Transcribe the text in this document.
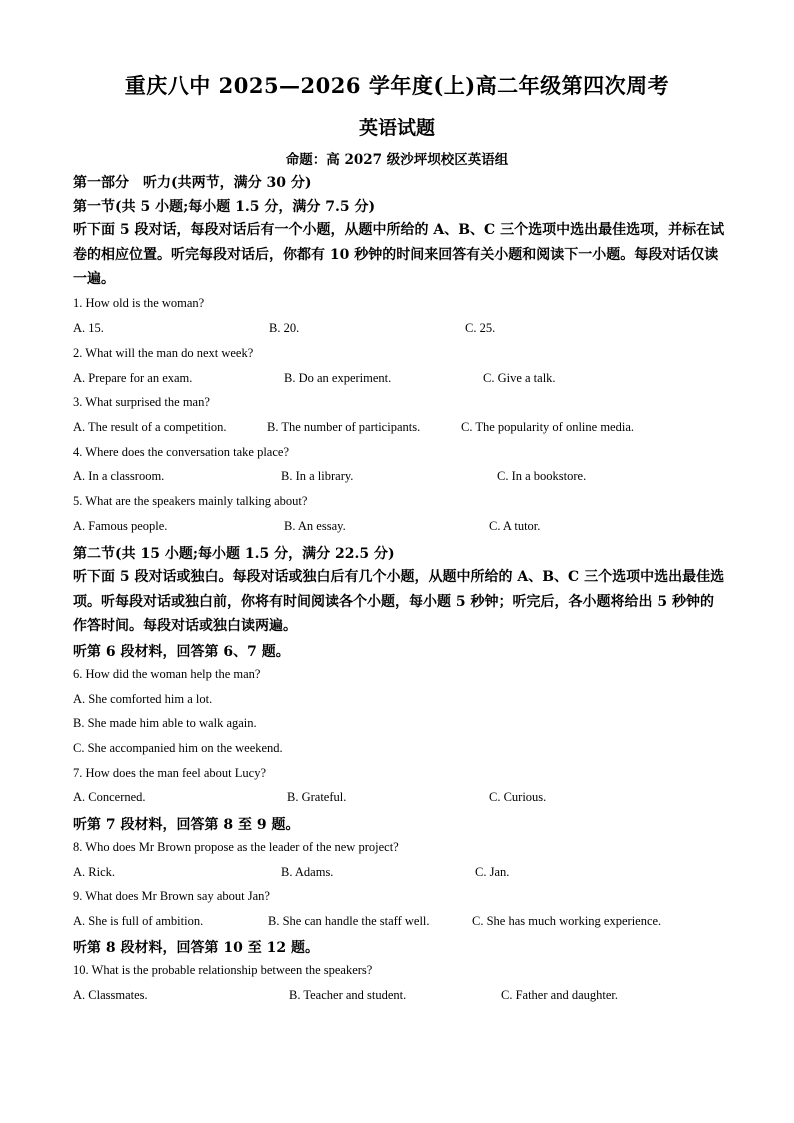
重庆八中 2025—2026 学年度(上)高二年级第四次周考
英语试题
命题：高 2027 级沙坪坝校区英语组
第一部分　听力(共两节，满分 30 分)
第一节(共 5 小题;每小题 1.5 分，满分 7.5 分)
听下面 5 段对话，每段对话后有一个小题，从题中所给的 A、B、C 三个选项中选出最佳选项，并标在试卷的相应位置。听完每段对话后，你都有 10 秒钟的时间来回答有关小题和阅读下一小题。每段对话仅读一遍。
1. How old is the woman?
A. 15.	B. 20.	C. 25.
2. What will the man do next week?
A. Prepare for an exam.	B. Do an experiment.	C. Give a talk.
3. What surprised the man?
A. The result of a competition.	B. The number of participants.	C. The popularity of online media.
4. Where does the conversation take place?
A. In a classroom.	B. In a library.	C. In a bookstore.
5. What are the speakers mainly talking about?
A. Famous people.	B. An essay.	C. A tutor.
第二节(共 15 小题;每小题 1.5 分，满分 22.5 分)
听下面 5 段对话或独白。每段对话或独白后有几个小题，从题中所给的 A、B、C 三个选项中选出最佳选项。听每段对话或独白前，你将有时间阅读各个小题，每小题 5 秒钟；听完后，各小题将给出 5 秒钟的作答时间。每段对话或独白读两遍。
听第 6 段材料，回答第 6、7 题。
6. How did the woman help the man?
A. She comforted him a lot.
B. She made him able to walk again.
C. She accompanied him on the weekend.
7. How does the man feel about Lucy?
A. Concerned.	B. Grateful.	C. Curious.
听第 7 段材料，回答第 8 至 9 题。
8. Who does Mr Brown propose as the leader of the new project?
A. Rick.	B. Adams.	C. Jan.
9. What does Mr Brown say about Jan?
A. She is full of ambition.	B. She can handle the staff well.	C. She has much working experience.
听第 8 段材料，回答第 10 至 12 题。
10. What is the probable relationship between the speakers?
A. Classmates.	B. Teacher and student.	C. Father and daughter.
